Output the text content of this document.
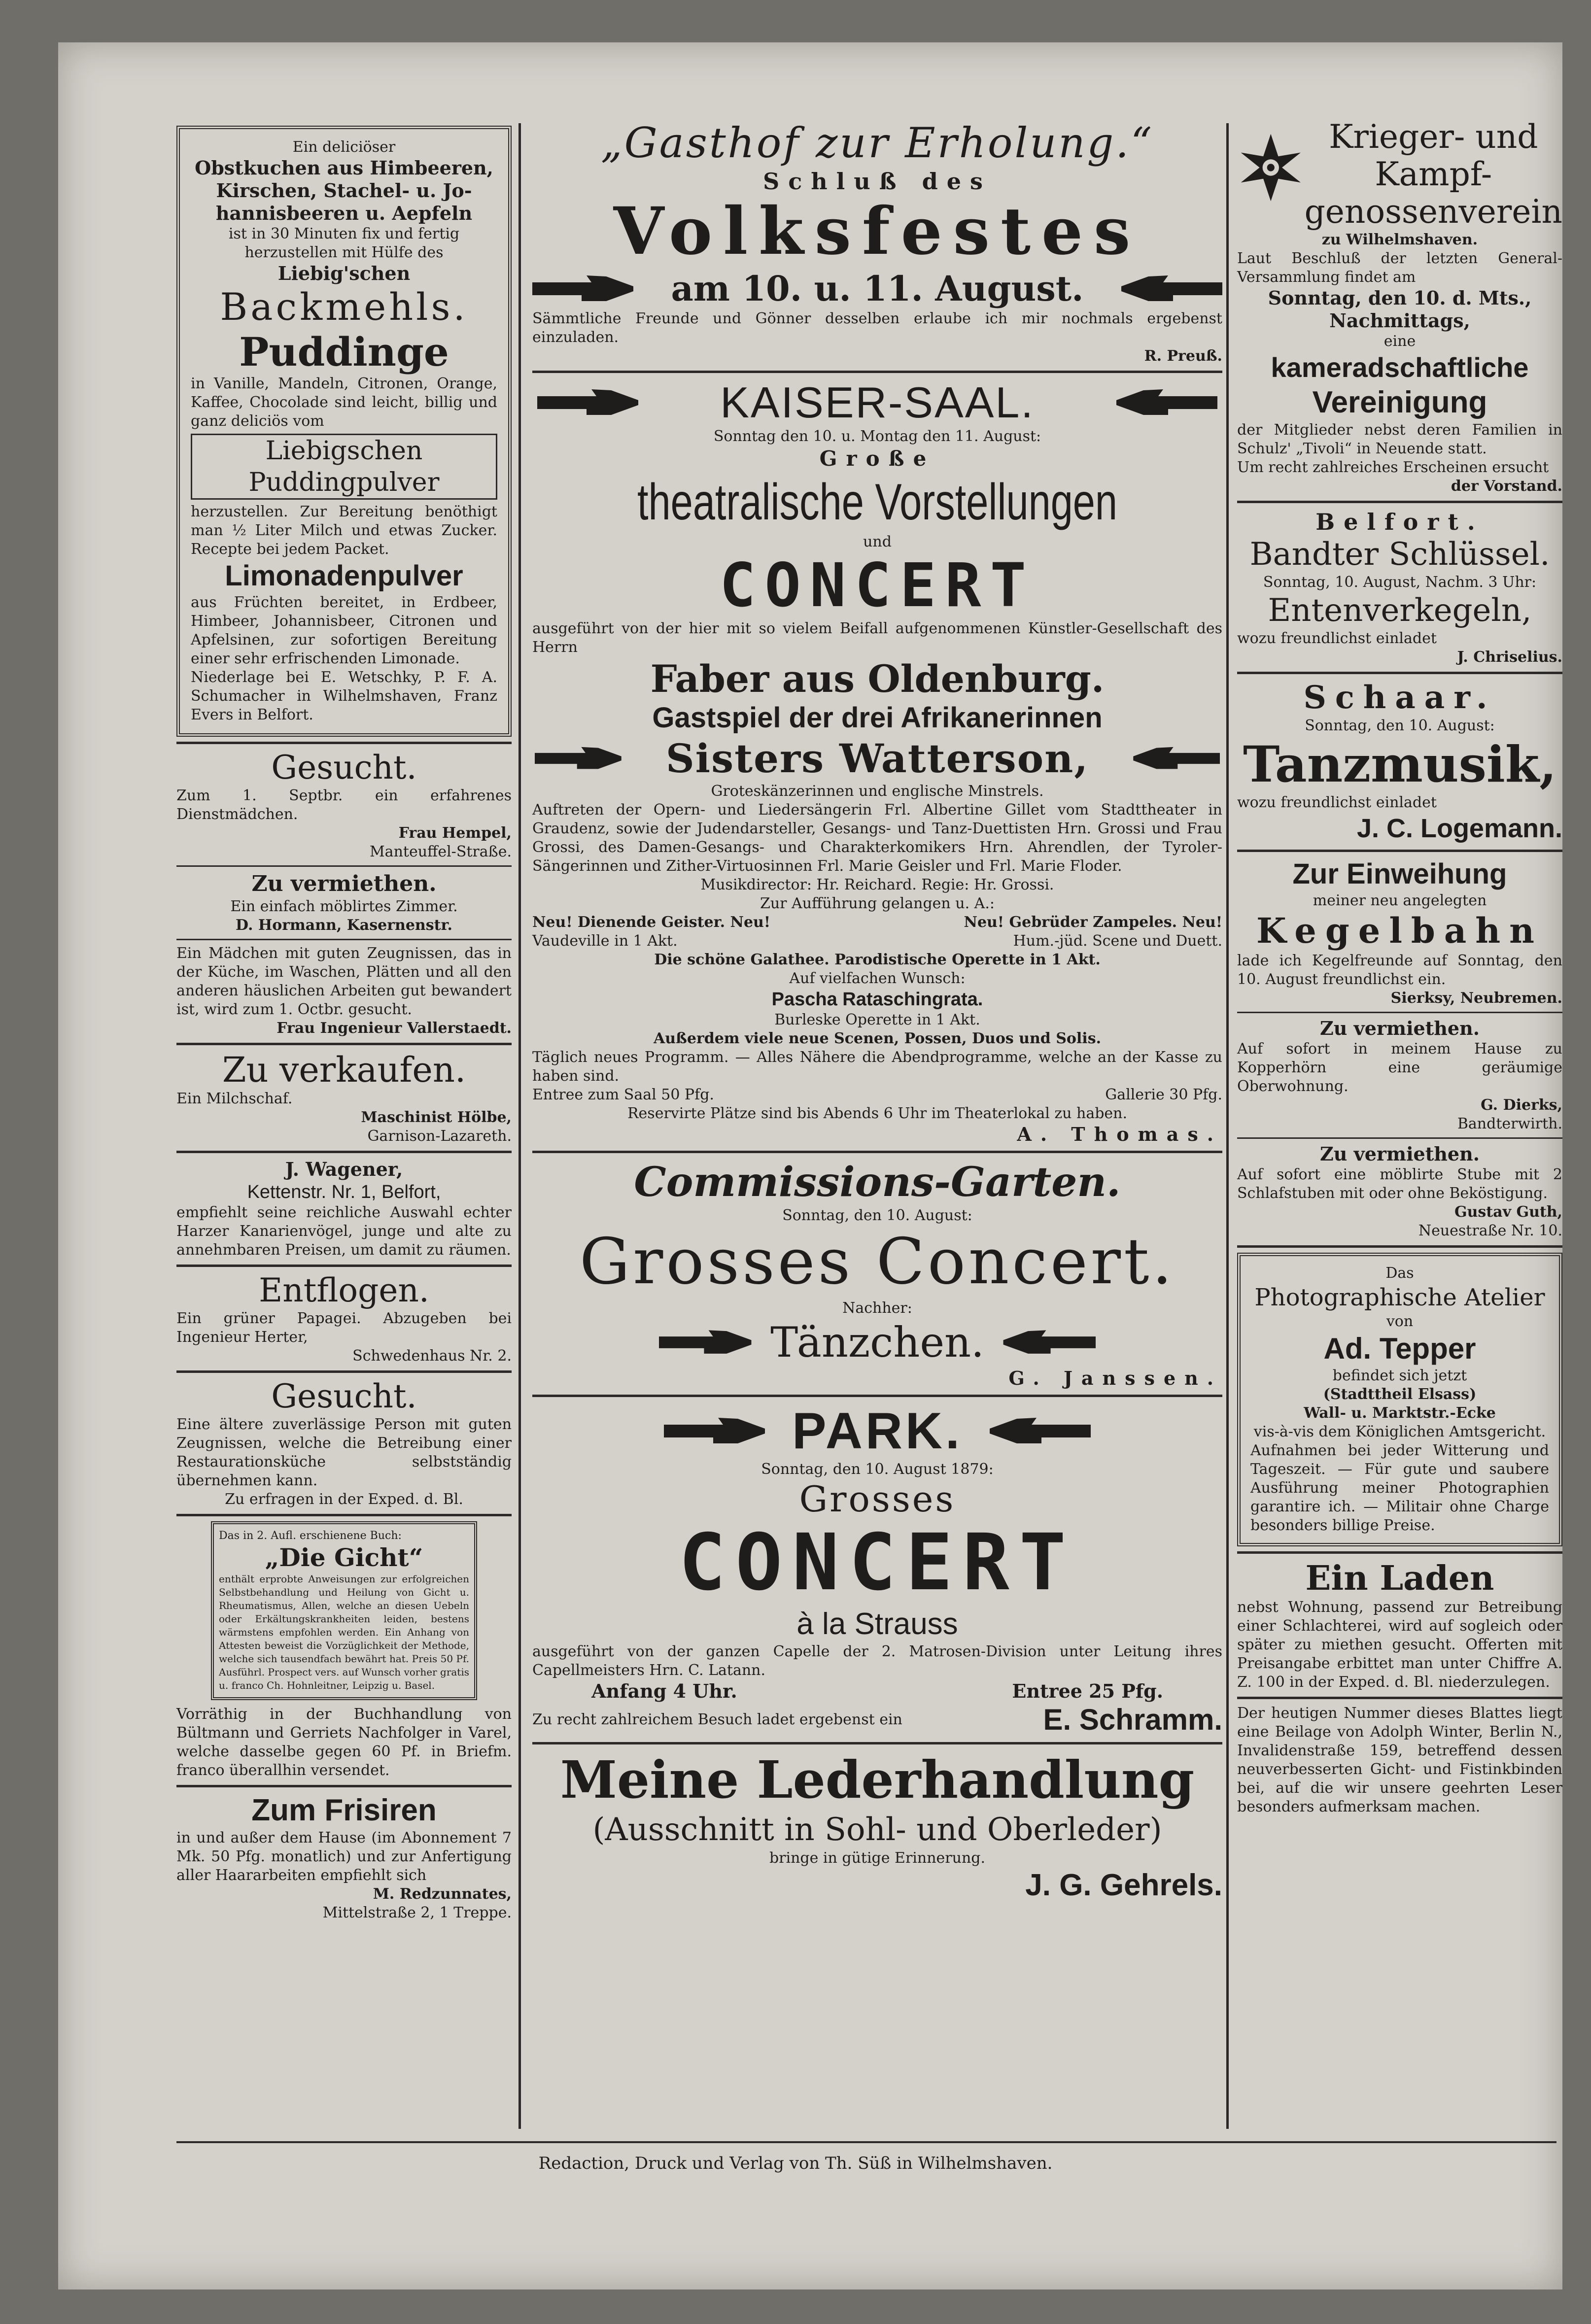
Ein deliciöser

Obstkuchen aus Himbeeren,

Kirschen, Stachel- u. Jo-

hannisbeeren u. Aepfeln

ist in 30 Minuten fix und fertig

herzustellen mit Hülfe des

Liebig'schen

Backmehls.

Puddinge

in Vanille, Mandeln, Citronen, Orange, Kaffee, Chocolade sind leicht, billig und ganz deliciös vom

Liebigschen Puddingpulver

herzustellen. Zur Bereitung benöthigt man ½ Liter Milch und etwas Zucker. Recepte bei jedem Packet.

Limonadenpulver

aus Früchten bereitet, in Erdbeer, Himbeer, Johannisbeer, Citronen und Apfelsinen, zur sofortigen Bereitung einer sehr erfrischenden Limonade.

Niederlage bei E. Wetschky, P. F. A. Schumacher in Wilhelmshaven, Franz Evers in Belfort.

Gesucht.

Zum 1. Septbr. ein erfahrenes Dienstmädchen.

Frau Hempel,

Manteuffel-Straße.

Zu vermiethen.

Ein einfach möblirtes Zimmer.

D. Hormann, Kasernenstr.

Ein Mädchen mit guten Zeugnissen, das in der Küche, im Waschen, Plätten und all den anderen häuslichen Arbeiten gut bewandert ist, wird zum 1. Octbr. gesucht.

Frau Ingenieur Vallerstaedt.

Zu verkaufen.

Ein Milchschaf.

Maschinist Hölbe,

Garnison-Lazareth.

J. Wagener,

Kettenstr. Nr. 1, Belfort,

empfiehlt seine reichliche Auswahl echter Harzer Kanarienvögel, junge und alte zu annehmbaren Preisen, um damit zu räumen.

Entflogen.

Ein grüner Papagei. Abzugeben bei Ingenieur Herter,

Schwedenhaus Nr. 2.

Gesucht.

Eine ältere zuverlässige Person mit guten Zeugnissen, welche die Betreibung einer Restaurationsküche selbstständig übernehmen kann.

Zu erfragen in der Exped. d. Bl.

Das in 2. Aufl. erschienene Buch:

„Die Gicht“

enthält erprobte Anweisungen zur erfolgreichen Selbstbehandlung und Heilung von Gicht u. Rheumatismus, Allen, welche an diesen Uebeln oder Erkältungskrankheiten leiden, bestens wärmstens empfohlen werden. Ein Anhang von Attesten beweist die Vorzüglichkeit der Methode, welche sich tausendfach bewährt hat. Preis 50 Pf. Ausführl. Prospect vers. auf Wunsch vorher gratis u. franco Ch. Hohnleitner, Leipzig u. Basel.

Vorräthig in der Buchhandlung von Bültmann und Gerriets Nachfolger in Varel, welche dasselbe gegen 60 Pf. in Briefm. franco überallhin versendet.

Zum Frisiren

in und außer dem Hause (im Abonnement 7 Mk. 50 Pfg. monatlich) und zur Anfertigung aller Haararbeiten empfiehlt sich

M. Redzunnates,

Mittelstraße 2, 1 Treppe.

„Gasthof zur Erholung.“

Schluß des

Volksfestes

am 10. u. 11. August.

Sämmtliche Freunde und Gönner desselben erlaube ich mir nochmals ergebenst einzuladen.

R. Preuß.

KAISER-SAAL.

Sonntag den 10. u. Montag den 11. August:

Große

theatralische Vorstellungen

und

CONCERT

ausgeführt von der hier mit so vielem Beifall aufgenommenen Künstler-Gesellschaft des Herrn

Faber aus Oldenburg.

Gastspiel der drei Afrikanerinnen

Sisters Watterson,

Groteskänzerinnen und englische Minstrels.

Auftreten der Opern- und Liedersängerin Frl. Albertine Gillet vom Stadttheater in Graudenz, sowie der Judendarsteller, Gesangs- und Tanz-Duettisten Hrn. Grossi und Frau Grossi, des Damen-Gesangs- und Charakterkomikers Hrn. Ahrendlen, der Tyroler-Sängerinnen und Zither-Virtuosinnen Frl. Marie Geisler und Frl. Marie Floder.

Musikdirector: Hr. Reichard. Regie: Hr. Grossi.

Zur Aufführung gelangen u. A.:

Neu! Dienende Geister. Neu!	Neu! Gebrüder Zampeles. Neu!

Vaudeville in 1 Akt.	Hum.-jüd. Scene und Duett.

Die schöne Galathee. Parodistische Operette in 1 Akt.

Auf vielfachen Wunsch:

Pascha Rataschingrata.

Burleske Operette in 1 Akt.

Außerdem viele neue Scenen, Possen, Duos und Solis.

Täglich neues Programm. — Alles Nähere die Abendprogramme, welche an der Kasse zu haben sind.

Entree zum Saal 50 Pfg.	Gallerie 30 Pfg.

Reservirte Plätze sind bis Abends 6 Uhr im Theaterlokal zu haben.

A. Thomas.

Commissions-Garten.

Sonntag, den 10. August:

Grosses Concert.

Nachher:

Tänzchen.

G. Janssen.

PARK.

Sonntag, den 10. August 1879:

Grosses

CONCERT

à la Strauss

ausgeführt von der ganzen Capelle der 2. Matrosen-Division unter Leitung ihres Capellmeisters Hrn. C. Latann.

Anfang 4 Uhr.	Entree 25 Pfg.

Zu recht zahlreichem Besuch ladet ergebenst ein	E. Schramm.

Meine Lederhandlung

(Ausschnitt in Sohl- und Oberleder)

bringe in gütige Erinnerung.

J. G. Gehrels.

Krieger- und

Kampf-

genossenverein

zu Wilhelmshaven.

Laut Beschluß der letzten General-Versammlung findet am

Sonntag, den 10. d. Mts.,

Nachmittags,

eine

kameradschaftliche

Vereinigung

der Mitglieder nebst deren Familien in Schulz' „Tivoli“ in Neuende statt.

Um recht zahlreiches Erscheinen ersucht

der Vorstand.

Belfort.

Bandter Schlüssel.

Sonntag, 10. August, Nachm. 3 Uhr:

Entenverkegeln,

wozu freundlichst einladet

J. Chriselius.

Schaar.

Sonntag, den 10. August:

Tanzmusik,

wozu freundlichst einladet

J. C. Logemann.

Zur Einweihung

meiner neu angelegten

Kegelbahn

lade ich Kegelfreunde auf Sonntag, den 10. August freundlichst ein.

Sierksy, Neubremen.

Zu vermiethen.

Auf sofort in meinem Hause zu Kopperhörn eine geräumige Oberwohnung.

G. Dierks,

Bandterwirth.

Zu vermiethen.

Auf sofort eine möblirte Stube mit 2 Schlafstuben mit oder ohne Beköstigung.

Gustav Guth,

Neuestraße Nr. 10.

Das

Photographische Atelier

von

Ad. Tepper

befindet sich jetzt

(Stadttheil Elsass)

Wall- u. Marktstr.-Ecke

vis-à-vis dem Königlichen Amtsgericht.

Aufnahmen bei jeder Witterung und Tageszeit. — Für gute und saubere Ausführung meiner Photographien garantire ich. — Militair ohne Charge besonders billige Preise.

Ein Laden

nebst Wohnung, passend zur Betreibung einer Schlachterei, wird auf sogleich oder später zu miethen gesucht. Offerten mit Preisangabe erbittet man unter Chiffre A. Z. 100 in der Exped. d. Bl. niederzulegen.

Der heutigen Nummer dieses Blattes liegt eine Beilage von Adolph Winter, Berlin N., Invalidenstraße 159, betreffend dessen neuverbesserten Gicht- und Fistinkbinden bei, auf die wir unsere geehrten Leser besonders aufmerksam machen.

Redaction, Druck und Verlag von Th. Süß in Wilhelmshaven.
